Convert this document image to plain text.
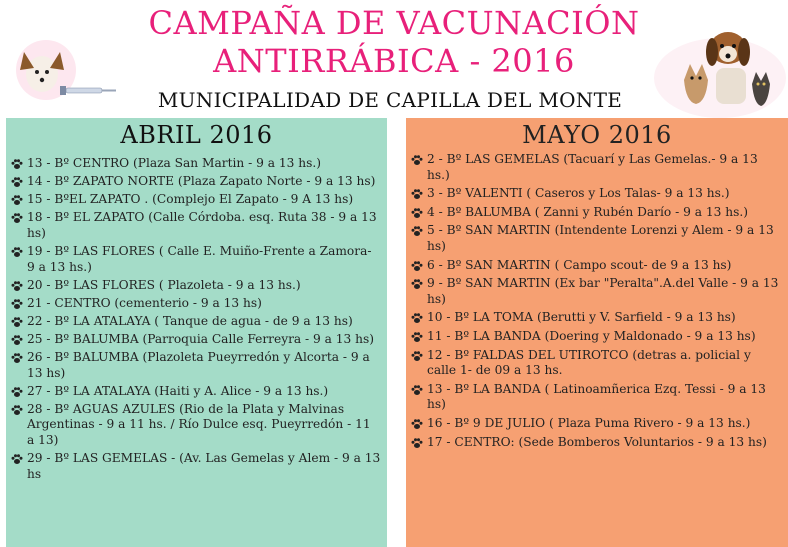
CAMPAÑA DE VACUNACIÓN
ANTIRRÁBICA - 2016
MUNICIPALIDAD DE CAPILLA DEL MONTE
ABRIL 2016
13 - Bº CENTRO (Plaza San Martin - 9 a 13 hs.)
14 - Bº ZAPATO NORTE (Plaza Zapato Norte - 9 a 13 hs)
15 - BºEL ZAPATO . (Complejo El Zapato - 9 A 13 hs)
18 - Bº EL ZAPATO (Calle Córdoba. esq. Ruta 38 - 9 a 13 hs)
19 - Bº LAS FLORES ( Calle E. Muiño-Frente a Zamora- 9 a 13 hs.)
20 - Bº LAS FLORES ( Plazoleta - 9 a 13 hs.)
21 - CENTRO (cementerio - 9 a 13 hs)
22 - Bº LA ATALAYA ( Tanque de agua - de 9 a 13 hs)
25 - Bº BALUMBA (Parroquia Calle Ferreyra - 9 a 13 hs)
26 - Bº BALUMBA (Plazoleta Pueyrredón y Alcorta - 9 a 13 hs)
27 - Bº LA ATALAYA (Haiti y A. Alice - 9 a 13 hs.)
28 - Bº AGUAS AZULES (Rio de la Plata y Malvinas Argentinas - 9 a 11 hs. / Río Dulce esq. Pueyrredón - 11 a 13)
29 - Bº LAS GEMELAS - (Av. Las Gemelas y Alem - 9 a 13 hs
MAYO 2016
2 - Bº LAS GEMELAS (Tacuarí y Las Gemelas.- 9 a 13 hs.)
3 - Bº VALENTI ( Caseros y Los Talas- 9 a 13 hs.)
4 - Bº BALUMBA ( Zanni y Rubén Darío - 9 a 13 hs.)
5 - Bº SAN MARTIN (Intendente Lorenzi y Alem - 9 a 13 hs)
6 - Bº SAN MARTIN ( Campo scout- de 9 a 13 hs)
9 - Bº SAN MARTIN (Ex bar "Peralta".A.del Valle - 9 a 13 hs)
10 - Bº LA TOMA (Berutti y V. Sarfield - 9 a 13 hs)
11 - Bº LA BANDA (Doering y Maldonado - 9 a 13 hs)
12 - Bº FALDAS DEL UTIROTCO (detras a. policial y calle 1- de 09 a 13 hs.
13 - Bº LA BANDA ( Latinoamñerica Ezq. Tessi - 9 a 13 hs)
16 - Bº 9 DE JULIO ( Plaza Puma Rivero - 9 a 13 hs.)
17 - CENTRO: (Sede Bomberos Voluntarios - 9 a 13 hs)
